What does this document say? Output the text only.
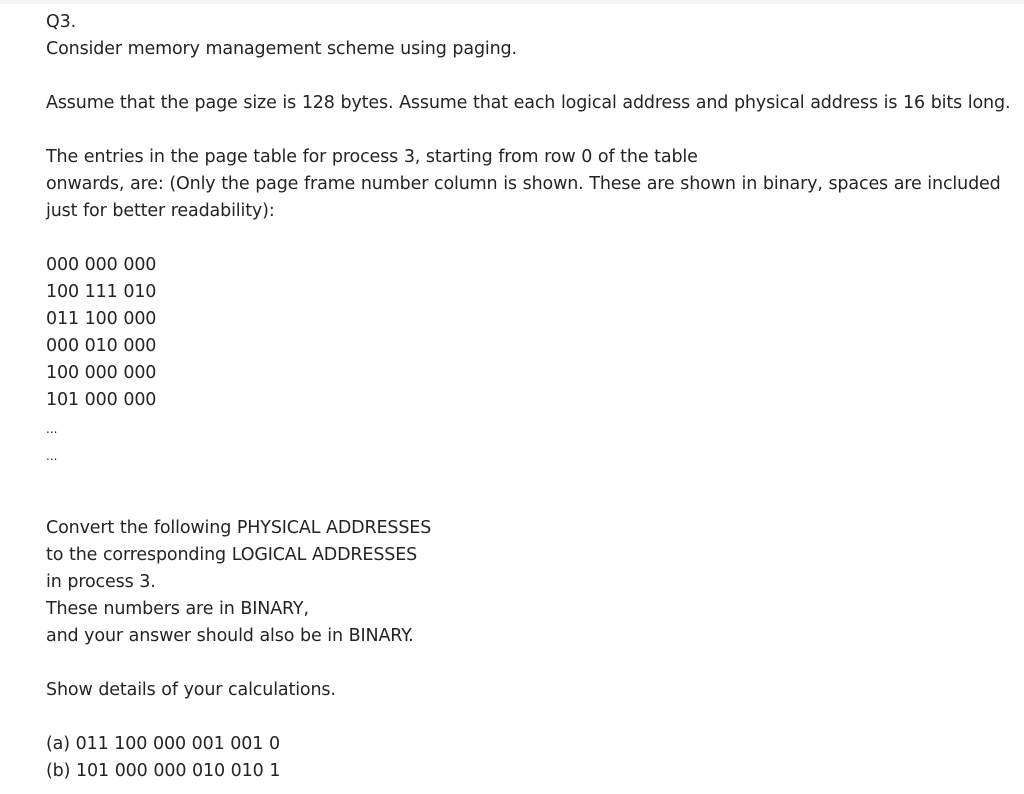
Q3.
Consider memory management scheme using paging.
Assume that the page size is 128 bytes. Assume that each logical address and physical address is 16 bits long.
The entries in the page table for process 3, starting from row 0 of the table
onwards, are: (Only the page frame number column is shown. These are shown in binary, spaces are included
just for better readability):
000 000 000
100 111 010
011 100 000
000 010 000
100 000 000
101 000 000
...
...
Convert the following PHYSICAL ADDRESSES
to the corresponding LOGICAL ADDRESSES
in process 3.
These numbers are in BINARY,
and your answer should also be in BINARY.
Show details of your calculations.
(a) 011 100 000 001 001 0
(b) 101 000 000 010 010 1
